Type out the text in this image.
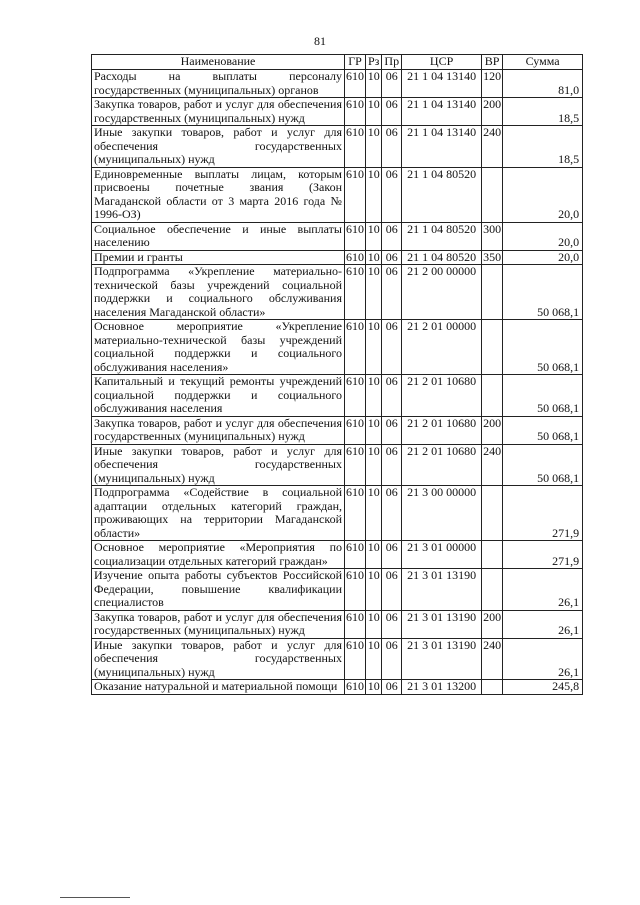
81
Наименование	ГР	Рз	Пр	ЦСР	ВР	Сумма
Расходы на выплаты персоналу государственных (муниципальных) органов	610	10	06	21 1 04 13140	120	81,0
Закупка товаров, работ и услуг для обеспечения государственных (муниципальных) нужд	610	10	06	21 1 04 13140	200	18,5
Иные закупки товаров, работ и услуг для обеспечения государственных (муниципальных) нужд	610	10	06	21 1 04 13140	240	18,5
Единовременные выплаты лицам, которым присвоены почетные звания (Закон Магаданской области от 3 марта 2016 года № 1996-ОЗ)	610	10	06	21 1 04 80520		20,0
Социальное обеспечение и иные выплаты населению	610	10	06	21 1 04 80520	300	20,0
Премии и гранты	610	10	06	21 1 04 80520	350	20,0
Подпрограмма «Укрепление материально-технической базы учреждений социальной поддержки и социального обслуживания населения Магаданской области»	610	10	06	21 2 00 00000		50 068,1
Основное мероприятие «Укрепление материально-технической базы учреждений социальной поддержки и социального обслуживания населения»	610	10	06	21 2 01 00000		50 068,1
Капитальный и текущий ремонты учреждений социальной поддержки и социального обслуживания населения	610	10	06	21 2 01 10680		50 068,1
Закупка товаров, работ и услуг для обеспечения государственных (муниципальных) нужд	610	10	06	21 2 01 10680	200	50 068,1
Иные закупки товаров, работ и услуг для обеспечения государственных (муниципальных) нужд	610	10	06	21 2 01 10680	240	50 068,1
Подпрограмма «Содействие в социальной адаптации отдельных категорий граждан, проживающих на территории Магаданской области»	610	10	06	21 3 00 00000		271,9
Основное мероприятие «Мероприятия по социализации отдельных категорий граждан»	610	10	06	21 3 01 00000		271,9
Изучение опыта работы субъектов Российской Федерации, повышение квалификации специалистов	610	10	06	21 3 01 13190		26,1
Закупка товаров, работ и услуг для обеспечения государственных (муниципальных) нужд	610	10	06	21 3 01 13190	200	26,1
Иные закупки товаров, работ и услуг для обеспечения государственных (муниципальных) нужд	610	10	06	21 3 01 13190	240	26,1
Оказание натуральной и материальной помощи	610	10	06	21 3 01 13200		245,8
